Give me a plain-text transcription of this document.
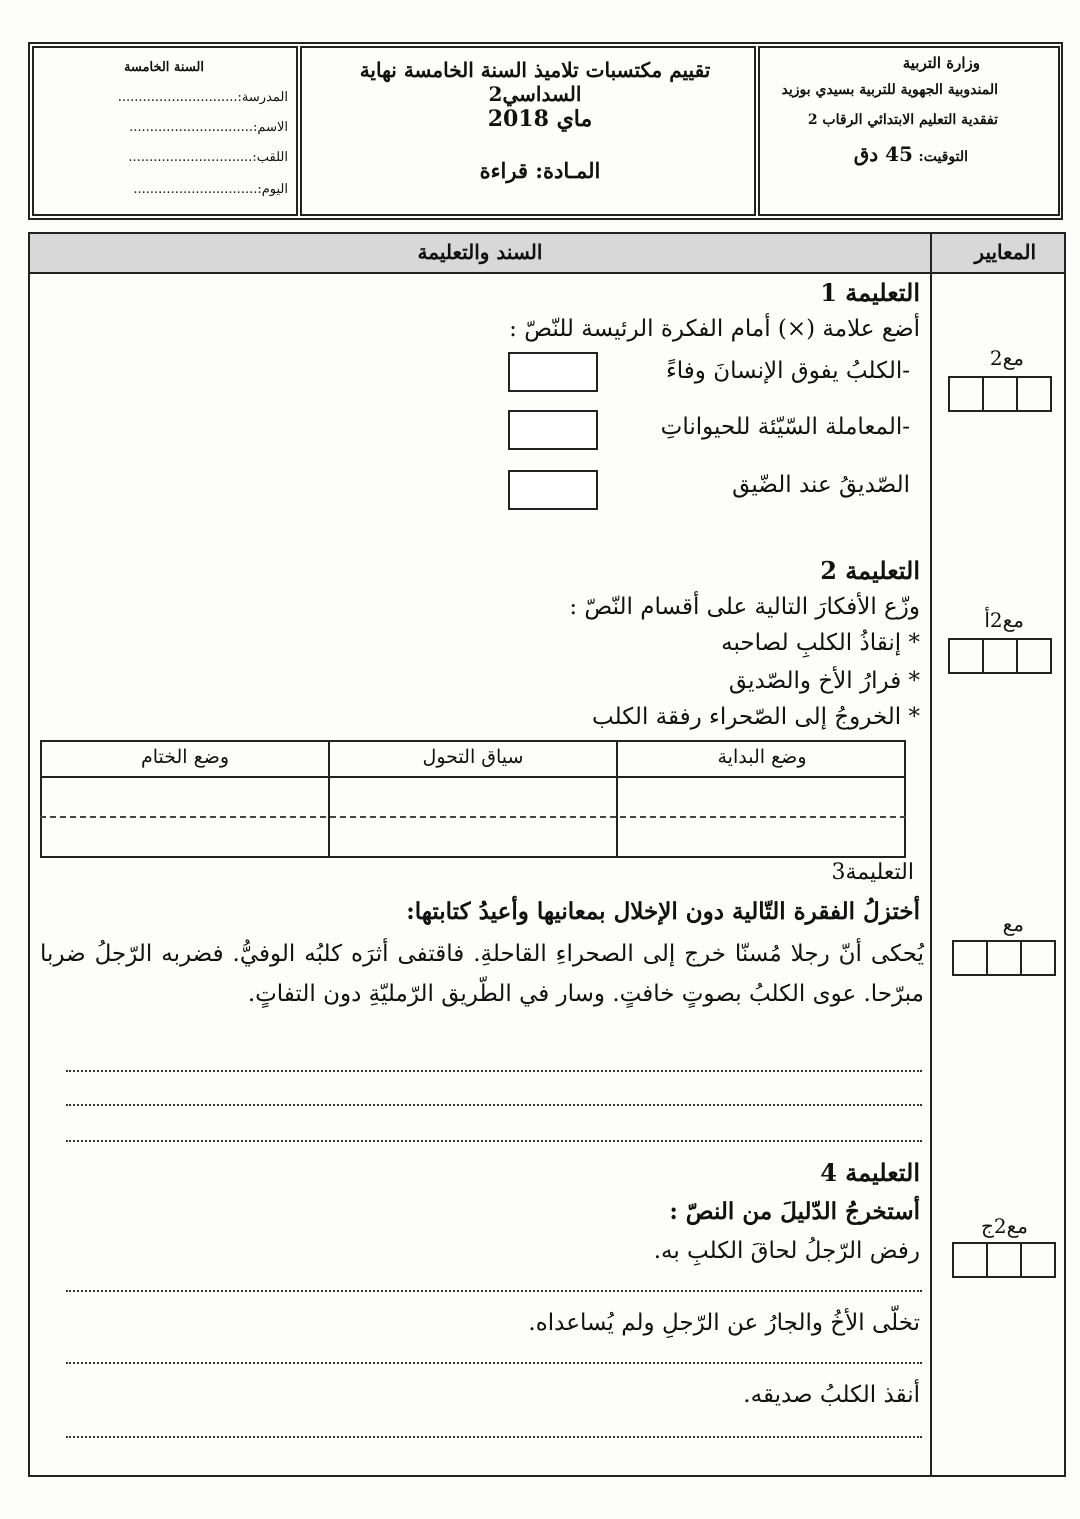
وزارة التربية
المندوبية الجهوية للتربية بسيدي بوزيد
تفقدية التعليم الابتدائي الرقاب 2
التوقيت: 45 دق
تقييم مكتسبات تلاميذ السنة الخامسة نهاية السداسي2
ماي 2018
المـادة: قراءة
السنة الخامسة
المدرسة:.............................
الاسم:..............................
اللقب:..............................
اليوم:..............................
المعايير
السند والتعليمة
التعليمة 1
أضع علامة (×) أمام الفكرة الرئيسة للنّصّ :
-الكلبُ يفوق الإنسانَ وفاءً
-المعاملة السّيّئة للحيواناتِ
الصّديقُ عند الضّيق
مع2
التعليمة 2
وزّع الأفكارَ التالية على أقسام النّصّ :
* إنقاذُ الكلبِ لصاحبه
* فرارُ الأخ والصّديق
* الخروجُ إلى الصّحراء رفقة الكلب
مع2أ
وضع البداية
سياق التحول
وضع الختام
التعليمة3
أختزلُ الفقرة التّالية دون الإخلال بمعانيها وأعيدُ كتابتها:
يُحكى أنّ رجلا مُسنّا خرج إلى الصحراءِ القاحلةِ. فاقتفى أثرَه كلبُه الوفيُّ. فضربه الرّجلُ ضربا مبرّحا. عوى الكلبُ بصوتٍ خافتٍ. وسار في الطّريق الرّمليّةِ دون التفاتٍ.
مع
التعليمة 4
أستخرجُ الدّليلَ من النصّ :
رفض الرّجلُ لحاقَ الكلبِ به.
تخلّى الأخُ والجارُ عن الرّجلِ ولم يُساعداه.
أنقذ الكلبُ صديقه.
مع2ج
